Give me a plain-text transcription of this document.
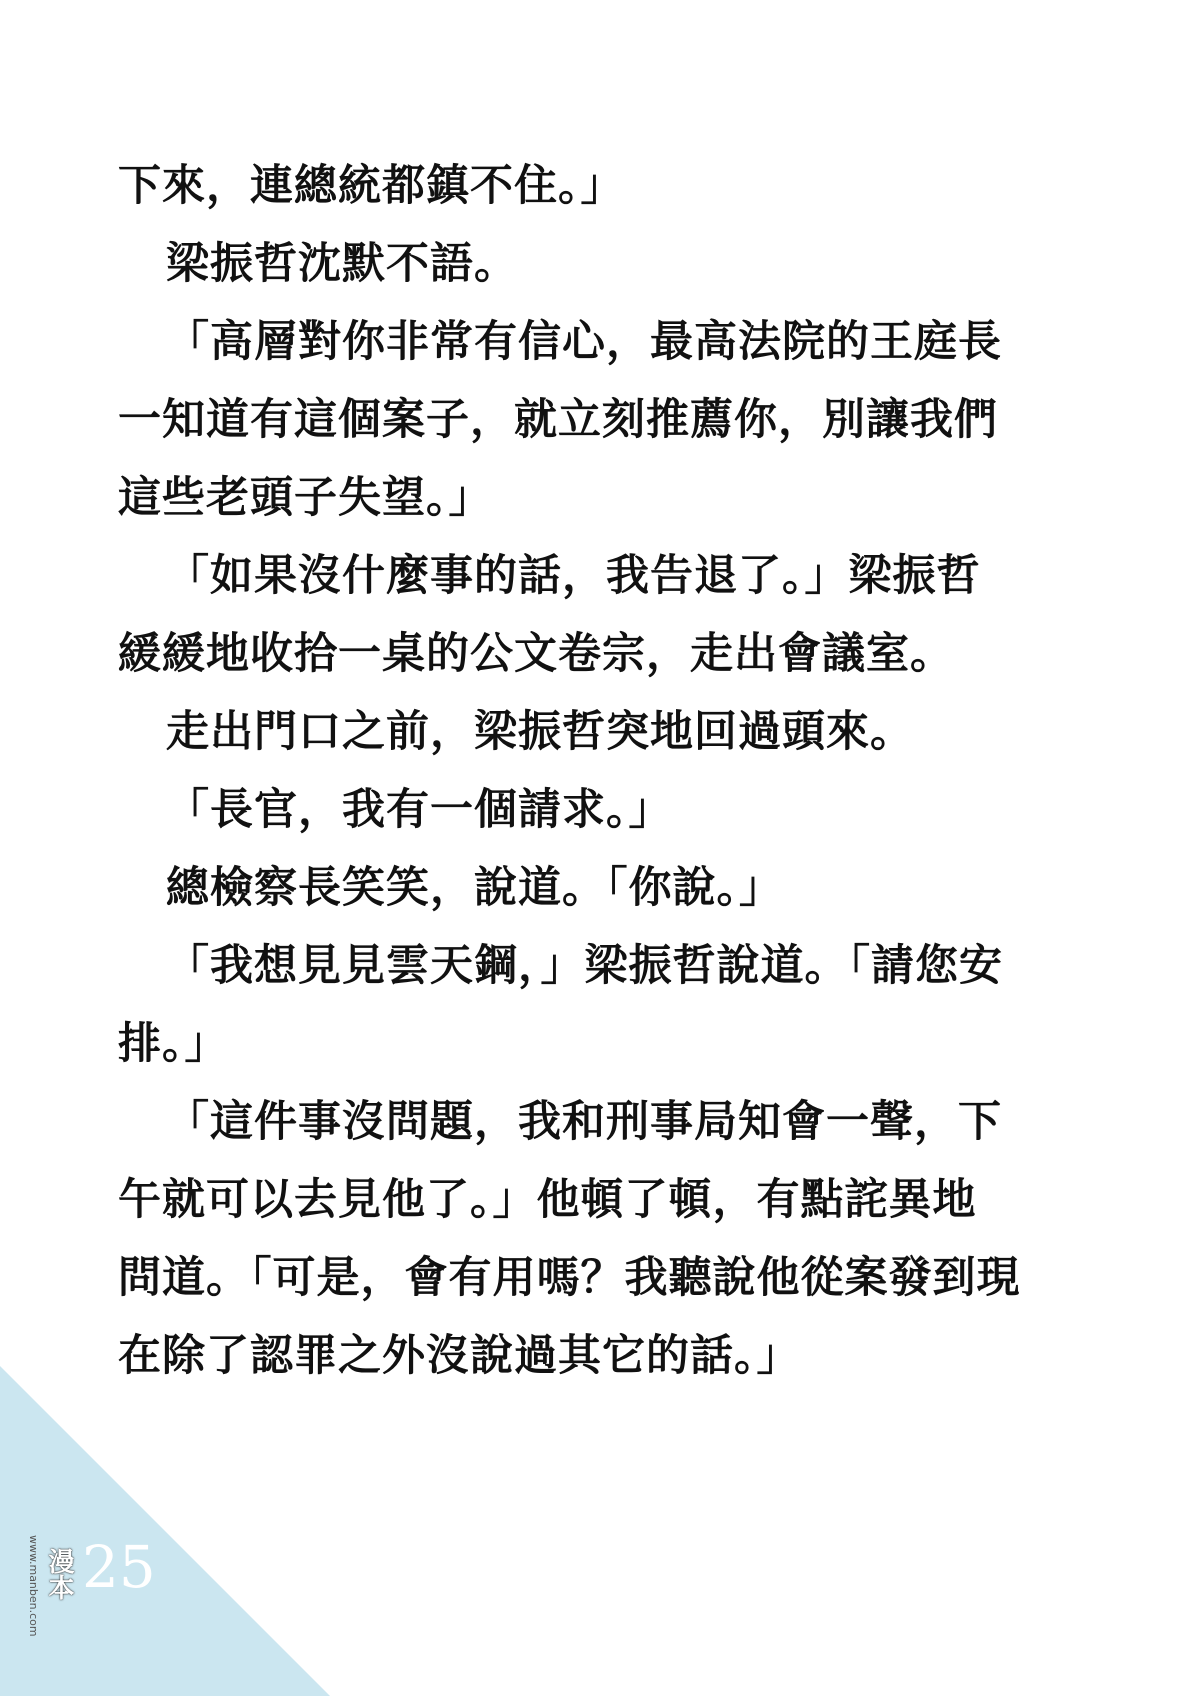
下來，連總統都鎮不住。」
梁振哲沈默不語。
「高層對你非常有信心，最高法院的王庭長
一知道有這個案子，就立刻推薦你，別讓我們
這些老頭子失望。」
「如果沒什麼事的話，我告退了。」梁振哲
緩緩地收拾一桌的公文卷宗，走出會議室。
走出門口之前，梁振哲突地回過頭來。
「長官，我有一個請求。」
總檢察長笑笑，說道。「你說。」
「我想見見雲天鋼，」梁振哲說道。「請您安
排。」
「這件事沒問題，我和刑事局知會一聲，下
午就可以去見他了。」他頓了頓，有點詫異地
問道。「可是，會有用嗎？我聽說他從案發到現
在除了認罪之外沒說過其它的話。」
www.manben.com 漫本 25
